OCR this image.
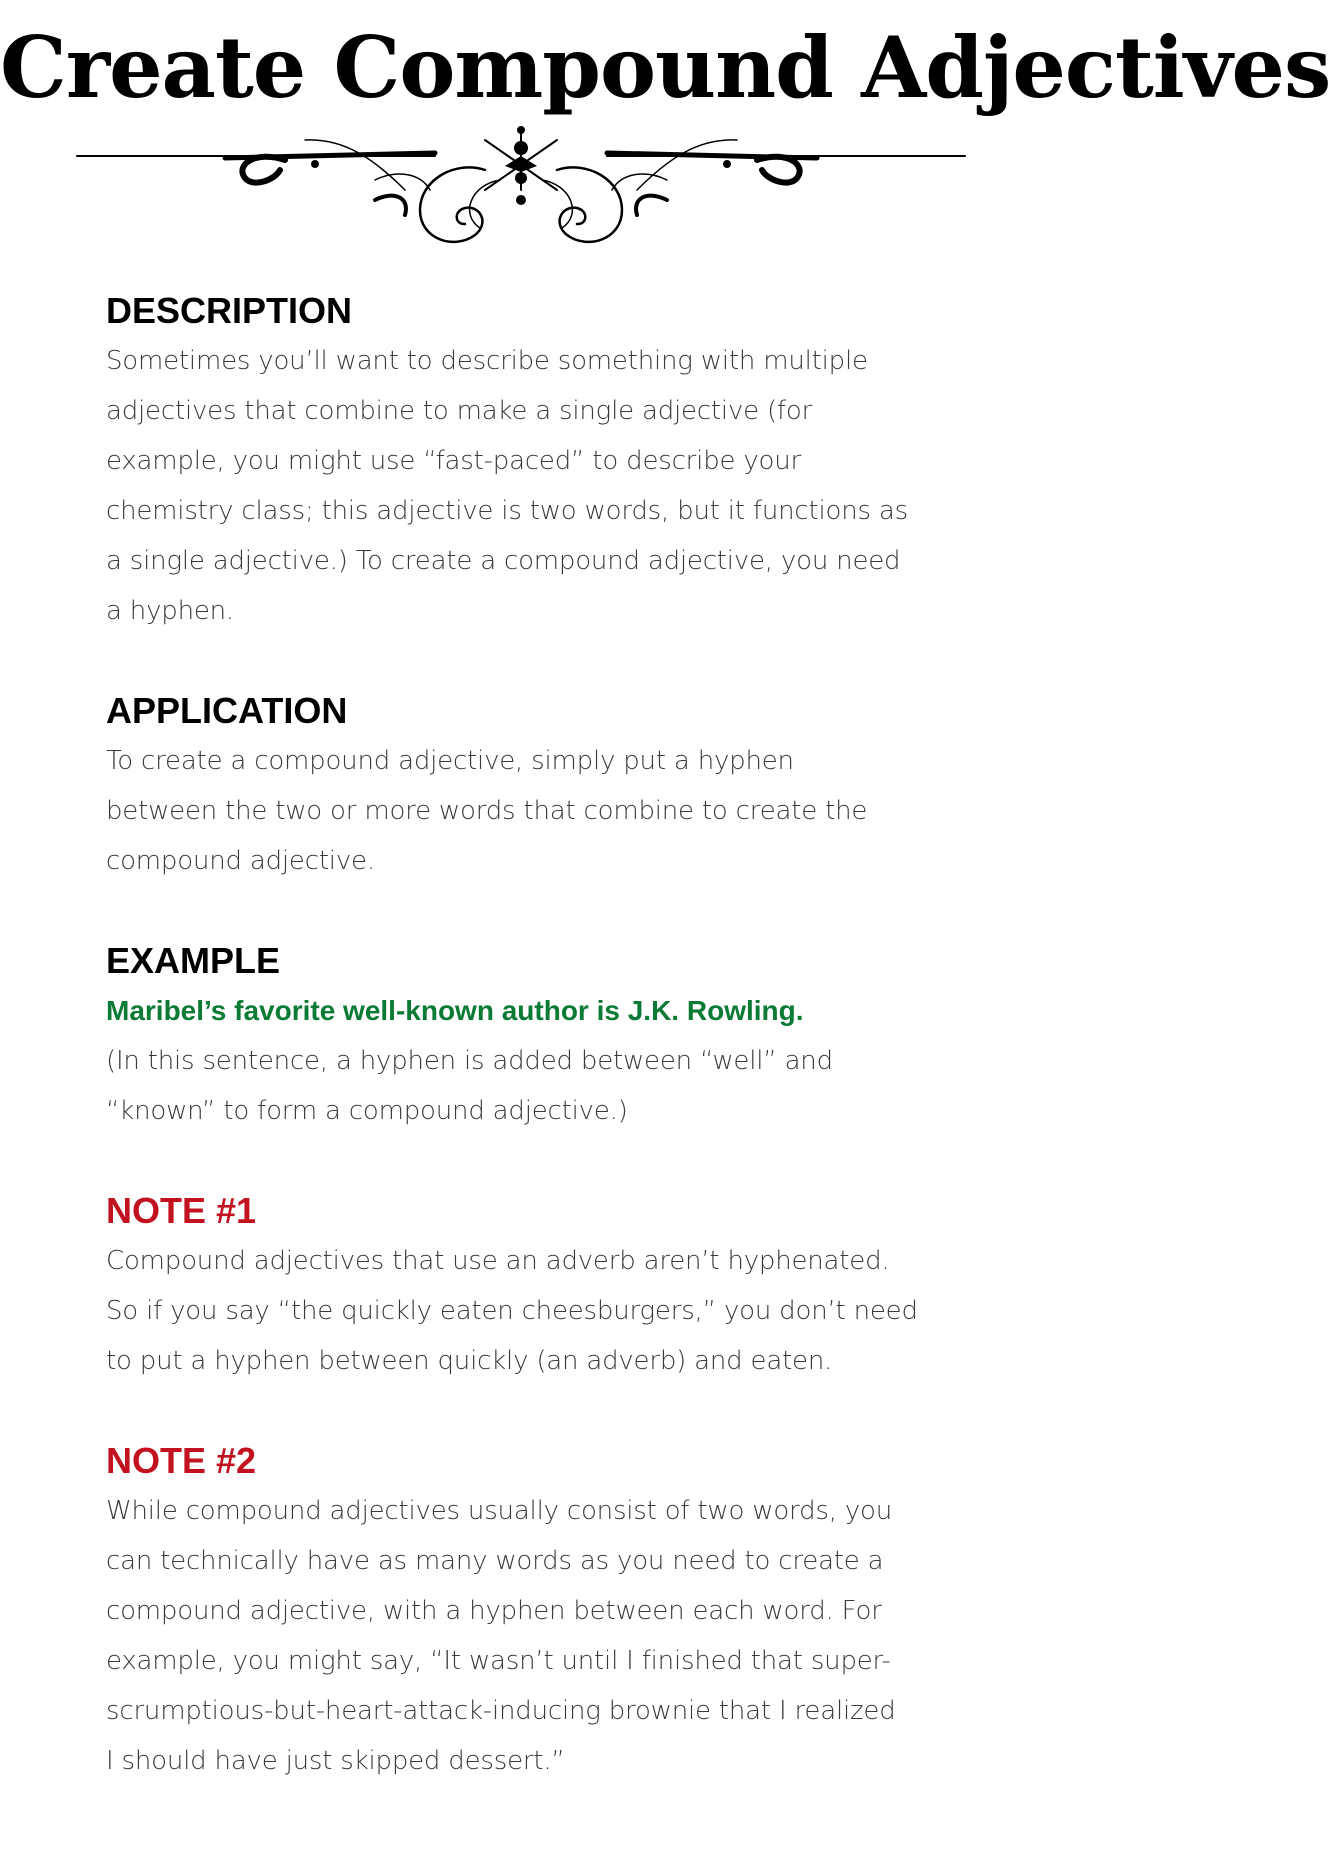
Create Compound Adjectives
DESCRIPTION

Sometimes you’ll want to describe something with multiple

adjectives that combine to make a single adjective (for

example, you might use “fast-paced” to describe your

chemistry class; this adjective is two words, but it functions as

a single adjective.) To create a compound adjective, you need

a hyphen.

APPLICATION

To create a compound adjective, simply put a hyphen

between the two or more words that combine to create the

compound adjective.

EXAMPLE

Maribel’s favorite well-known author is J.K. Rowling.

(In this sentence, a hyphen is added between “well” and

“known” to form a compound adjective.)

NOTE #1

Compound adjectives that use an adverb aren’t hyphenated.

So if you say “the quickly eaten cheesburgers,” you don’t need

to put a hyphen between quickly (an adverb) and eaten.

NOTE #2

While compound adjectives usually consist of two words, you

can technically have as many words as you need to create a

compound adjective, with a hyphen between each word. For

example, you might say, “It wasn’t until I finished that super-

scrumptious-but-heart-attack-inducing brownie that I realized

I should have just skipped dessert.”
